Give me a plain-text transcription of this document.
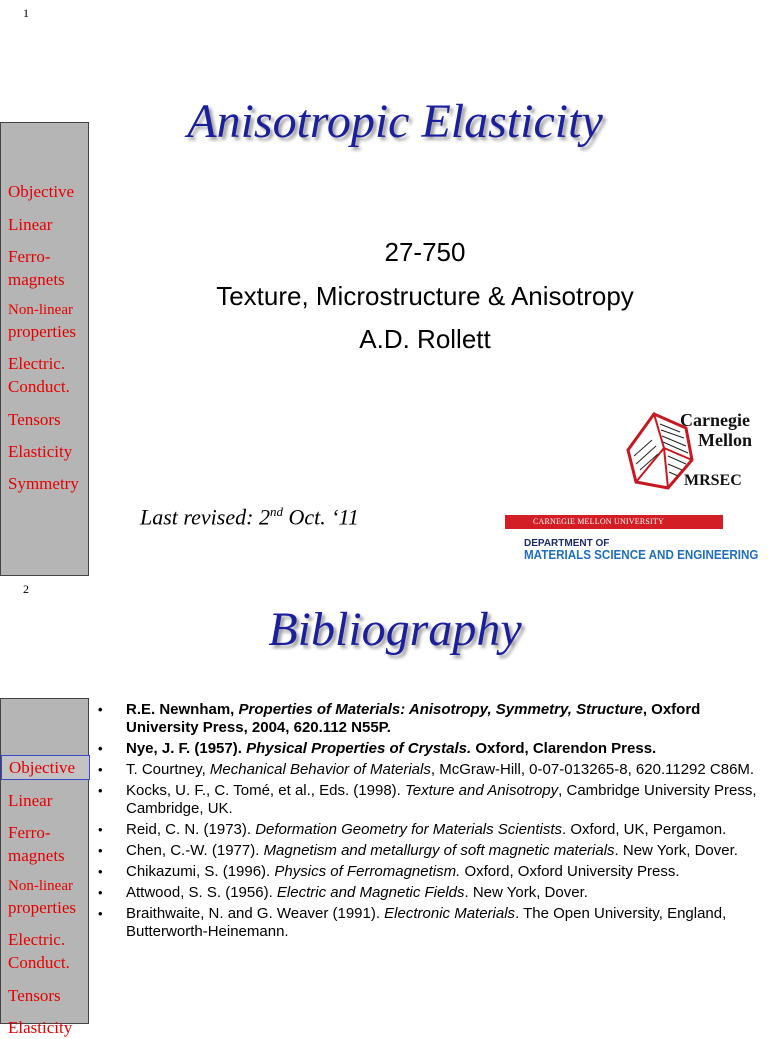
1
Anisotropic Elasticity
Objective
Linear
Ferro-
magnets
Non-linear
properties
Electric.
Conduct.
Tensors
Elasticity
Symmetry
27-750
Texture, Microstructure & Anisotropy
A.D. Rollett
Last revised: 2nd Oct. ‘11
Carnegie
Mellon
MRSEC
CARNEGIE MELLON UNIVERSITY
DEPARTMENT OF
MATERIALS SCIENCE AND ENGINEERING
2
Bibliography
Objective
Linear
Ferro-
magnets
Non-linear
properties
Electric.
Conduct.
Tensors
Elasticity
• R.E. Newnham, Properties of Materials: Anisotropy, Symmetry, Structure, Oxford University Press, 2004, 620.112 N55P.
• Nye, J. F. (1957). Physical Properties of Crystals. Oxford, Clarendon Press.
• T. Courtney, Mechanical Behavior of Materials, McGraw-Hill, 0-07-013265-8, 620.11292 C86M.
• Kocks, U. F., C. Tomé, et al., Eds. (1998). Texture and Anisotropy, Cambridge University Press, Cambridge, UK.
• Reid, C. N. (1973). Deformation Geometry for Materials Scientists. Oxford, UK, Pergamon.
• Chen, C.-W. (1977). Magnetism and metallurgy of soft magnetic materials. New York, Dover.
• Chikazumi, S. (1996). Physics of Ferromagnetism. Oxford, Oxford University Press.
• Attwood, S. S. (1956). Electric and Magnetic Fields. New York, Dover.
• Braithwaite, N. and G. Weaver (1991). Electronic Materials. The Open University, England, Butterworth-Heinemann.
